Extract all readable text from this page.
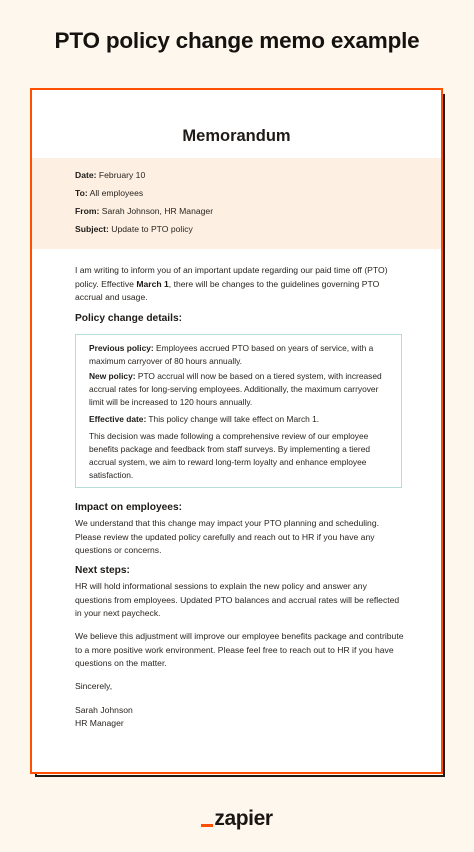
PTO policy change memo example
Memorandum
Date: February 10
To: All employees
From: Sarah Johnson, HR Manager
Subject: Update to PTO policy
I am writing to inform you of an important update regarding our paid time off (PTO) policy. Effective March 1, there will be changes to the guidelines governing PTO accrual and usage.
Policy change details:
Previous policy: Employees accrued PTO based on years of service, with a maximum carryover of 80 hours annually.
New policy: PTO accrual will now be based on a tiered system, with increased accrual rates for long-serving employees. Additionally, the maximum carryover limit will be increased to 120 hours annually.
Effective date: This policy change will take effect on March 1.
This decision was made following a comprehensive review of our employee benefits package and feedback from staff surveys. By implementing a tiered accrual system, we aim to reward long-term loyalty and enhance employee satisfaction.
Impact on employees:
We understand that this change may impact your PTO planning and scheduling. Please review the updated policy carefully and reach out to HR if you have any questions or concerns.
Next steps:
HR will hold informational sessions to explain the new policy and answer any questions from employees. Updated PTO balances and accrual rates will be reflected in your next paycheck.
We believe this adjustment will improve our employee benefits package and contribute to a more positive work environment. Please feel free to reach out to HR if you have questions on the matter.
Sincerely,
Sarah Johnson
HR Manager
zapier
